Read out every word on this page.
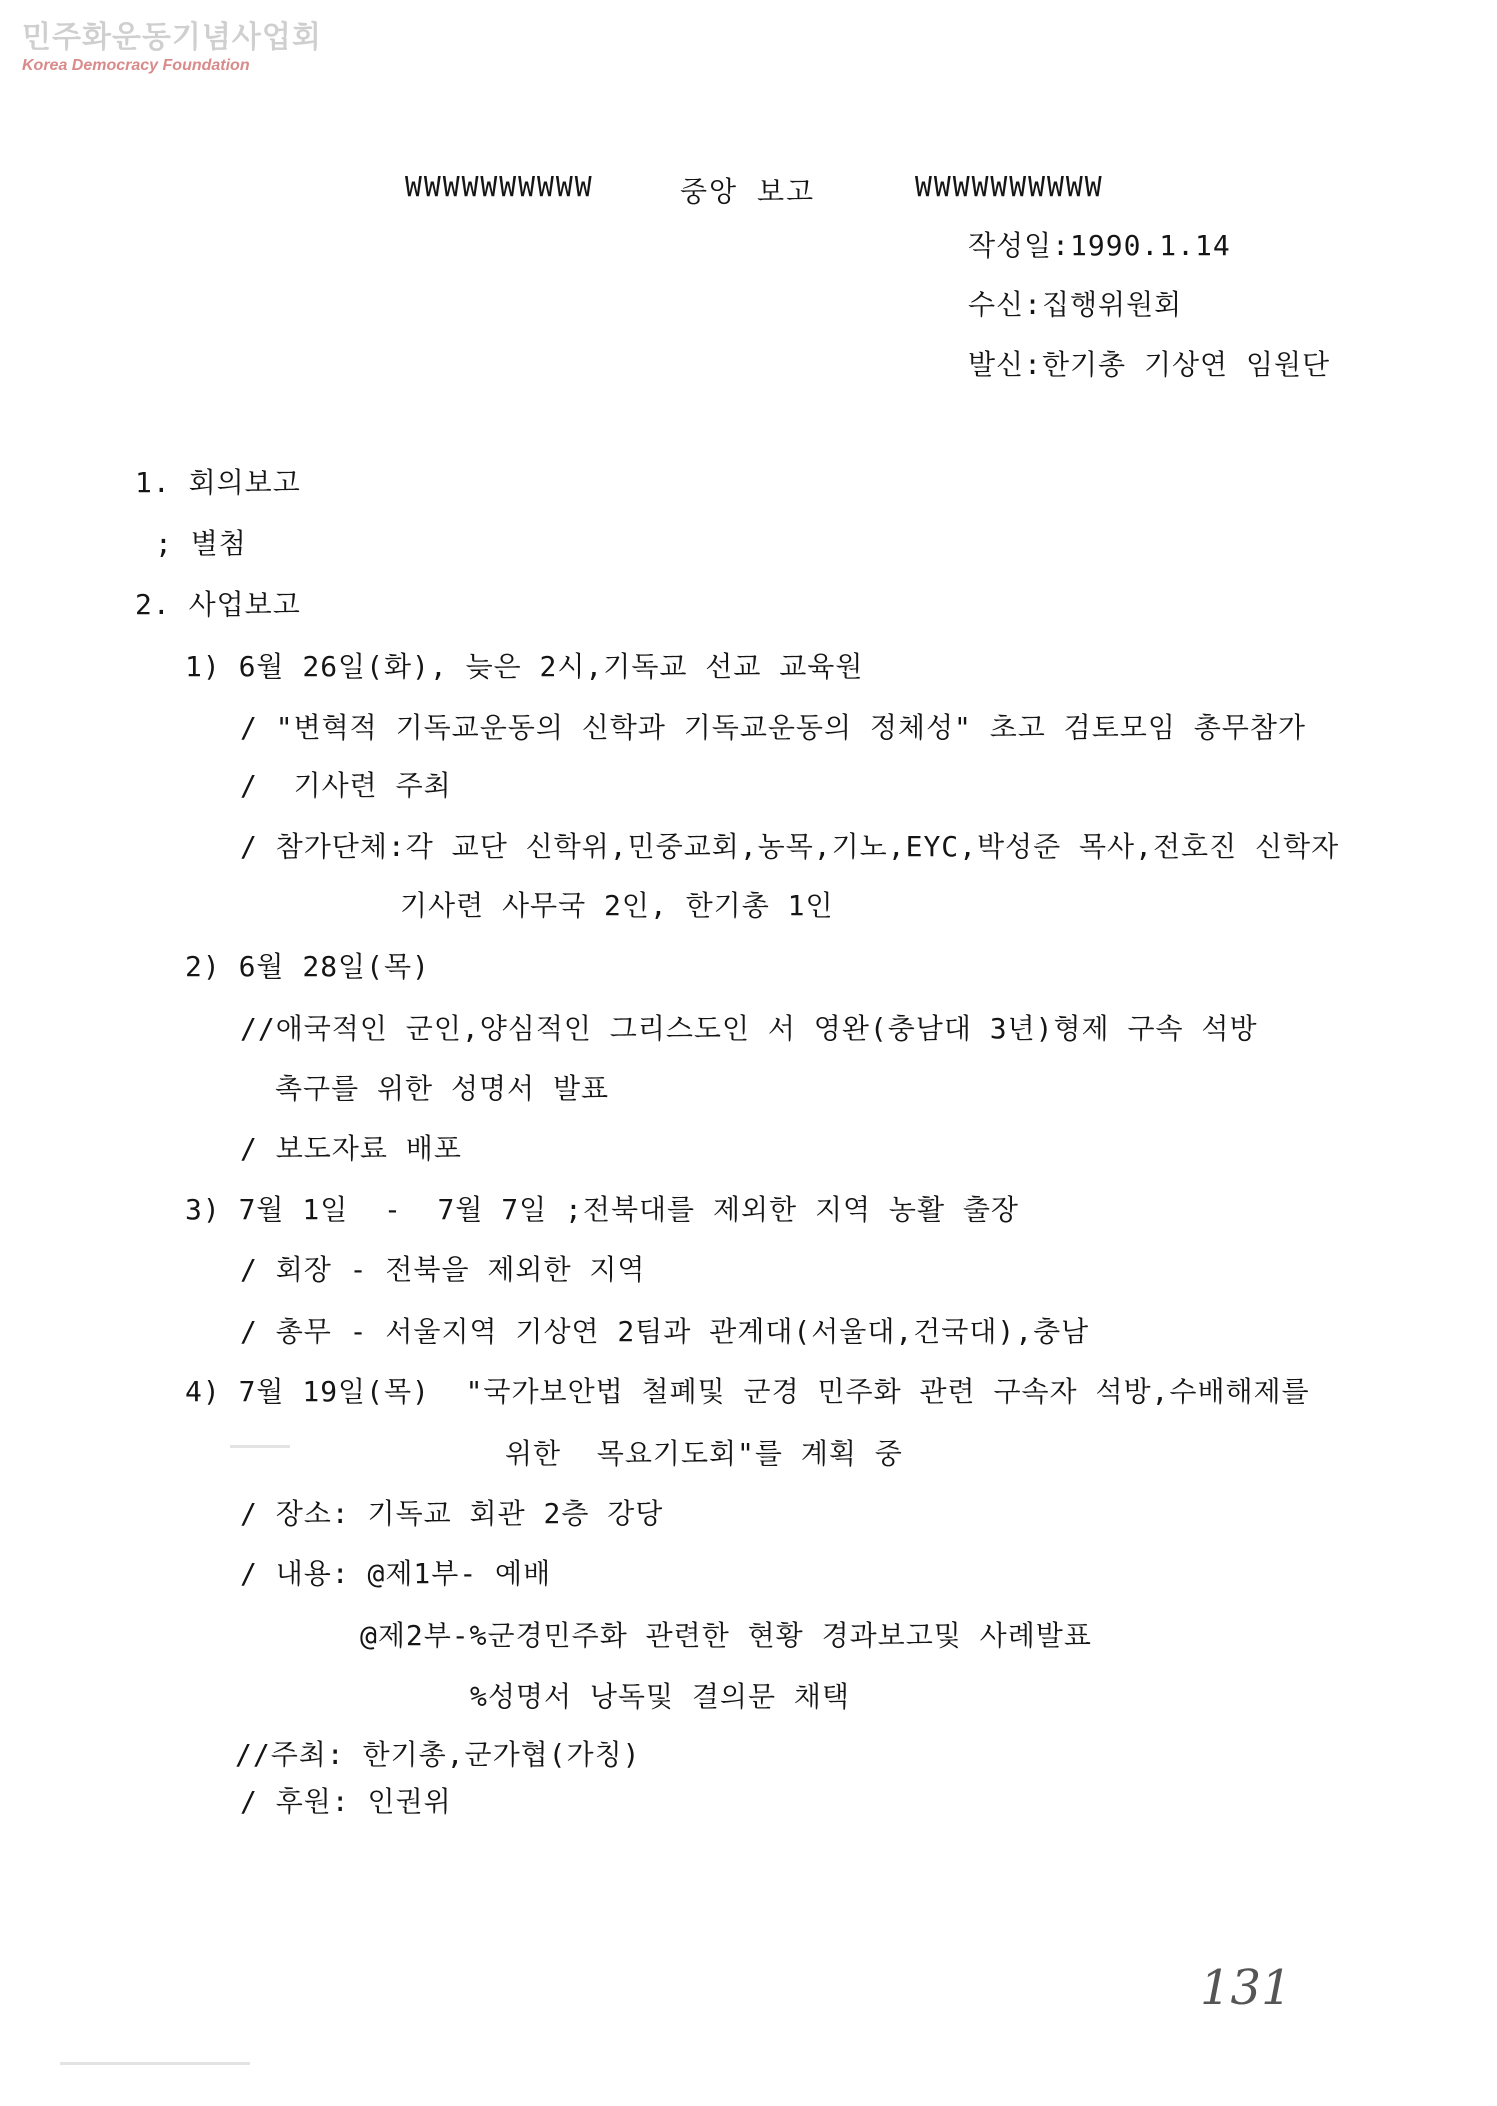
민주화운동기념사업회
Korea Democracy Foundation
WWWWWWWWWW	중앙 보고	WWWWWWWWWW
작성일:1990.1.14
수신:집행위원회
발신:한기총 기상연 임원단
1. 회의보고
; 별첨
2. 사업보고
1) 6월 26일(화), 늦은 2시,기독교 선교 교육원
/ "변혁적 기독교운동의 신학과 기독교운동의 정체성" 초고 검토모임 총무참가
/  기사련 주최
/ 참가단체:각 교단 신학위,민중교회,농목,기노,EYC,박성준 목사,전호진 신학자
기사련 사무국 2인, 한기총 1인
2) 6월 28일(목)
//애국적인 군인,양심적인 그리스도인 서 영완(충남대 3년)형제 구속 석방
촉구를 위한 성명서 발표
/ 보도자료 배포
3) 7월 1일  -  7월 7일 ;전북대를 제외한 지역 농활 출장
/ 회장 - 전북을 제외한 지역
/ 총무 - 서울지역 기상연 2팀과 관계대(서울대,건국대),충남
4) 7월 19일(목)  "국가보안법 철폐및 군경 민주화 관련 구속자 석방,수배해제를
위한  목요기도회"를 계획 중
/ 장소: 기독교 회관 2층 강당
/ 내용: @제1부- 예배
@제2부-%군경민주화 관련한 현황 경과보고및 사례발표
%성명서 낭독및 결의문 채택
//주최: 한기총,군가협(가칭)
/ 후원: 인권위
131
